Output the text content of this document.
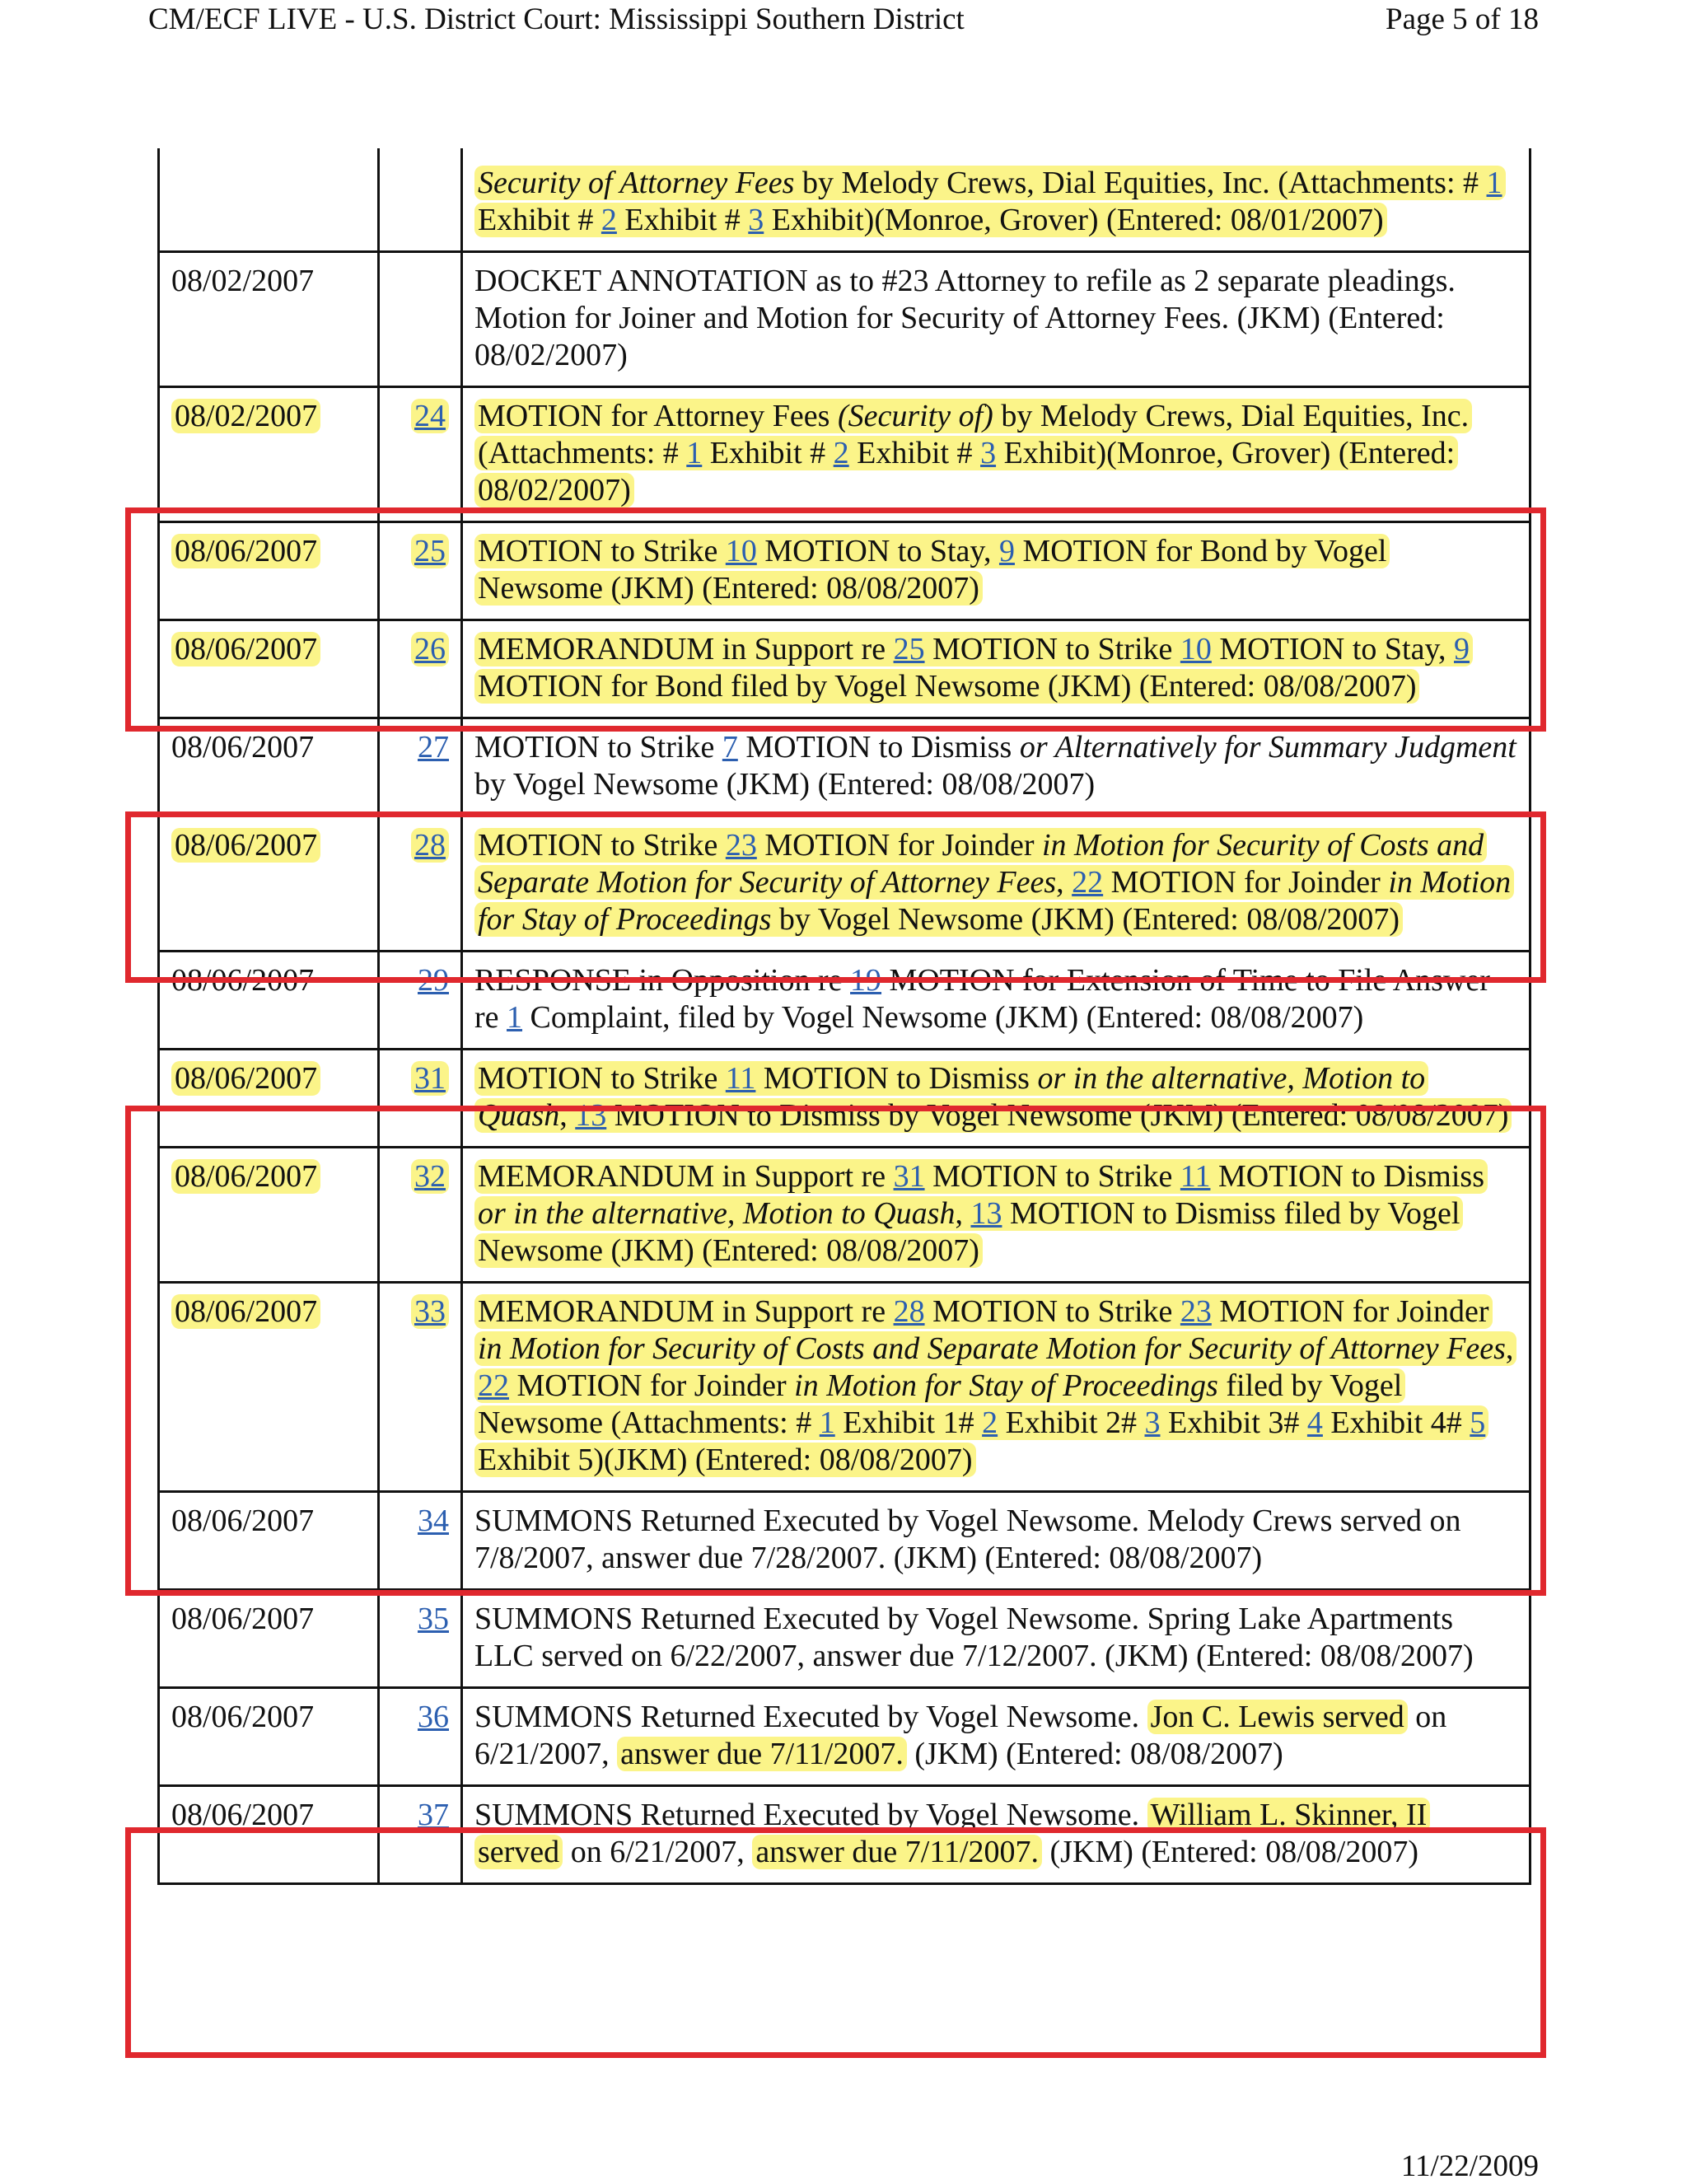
CM/ECF LIVE - U.S. District Court: Mississippi Southern District	Page 5 of 18
		Security of Attorney Fees by Melody Crews, Dial Equities, Inc. (Attachments: # 1 Exhibit # 2 Exhibit # 3 Exhibit)(Monroe, Grover) (Entered: 08/01/2007)
08/02/2007		DOCKET ANNOTATION as to #23 Attorney to refile as 2 separate pleadings. Motion for Joiner and Motion for Security of Attorney Fees. (JKM) (Entered: 08/02/2007)
08/02/2007	24	MOTION for Attorney Fees (Security of) by Melody Crews, Dial Equities, Inc. (Attachments: # 1 Exhibit # 2 Exhibit # 3 Exhibit)(Monroe, Grover) (Entered: 08/02/2007)
08/06/2007	25	MOTION to Strike 10 MOTION to Stay, 9 MOTION for Bond by Vogel Newsome (JKM) (Entered: 08/08/2007)
08/06/2007	26	MEMORANDUM in Support re 25 MOTION to Strike 10 MOTION to Stay, 9 MOTION for Bond filed by Vogel Newsome (JKM) (Entered: 08/08/2007)
08/06/2007	27	MOTION to Strike 7 MOTION to Dismiss or Alternatively for Summary Judgment by Vogel Newsome (JKM) (Entered: 08/08/2007)
08/06/2007	28	MOTION to Strike 23 MOTION for Joinder in Motion for Security of Costs and Separate Motion for Security of Attorney Fees, 22 MOTION for Joinder in Motion for Stay of Proceedings by Vogel Newsome (JKM) (Entered: 08/08/2007)
08/06/2007	29	RESPONSE in Opposition re 19 MOTION for Extension of Time to File Answer re 1 Complaint, filed by Vogel Newsome (JKM) (Entered: 08/08/2007)
08/06/2007	31	MOTION to Strike 11 MOTION to Dismiss or in the alternative, Motion to Quash, 13 MOTION to Dismiss by Vogel Newsome (JKM) (Entered: 08/08/2007)
08/06/2007	32	MEMORANDUM in Support re 31 MOTION to Strike 11 MOTION to Dismiss or in the alternative, Motion to Quash, 13 MOTION to Dismiss filed by Vogel Newsome (JKM) (Entered: 08/08/2007)
08/06/2007	33	MEMORANDUM in Support re 28 MOTION to Strike 23 MOTION for Joinder in Motion for Security of Costs and Separate Motion for Security of Attorney Fees, 22 MOTION for Joinder in Motion for Stay of Proceedings filed by Vogel Newsome (Attachments: # 1 Exhibit 1# 2 Exhibit 2# 3 Exhibit 3# 4 Exhibit 4# 5 Exhibit 5)(JKM) (Entered: 08/08/2007)
08/06/2007	34	SUMMONS Returned Executed by Vogel Newsome. Melody Crews served on 7/8/2007, answer due 7/28/2007. (JKM) (Entered: 08/08/2007)
08/06/2007	35	SUMMONS Returned Executed by Vogel Newsome. Spring Lake Apartments LLC served on 6/22/2007, answer due 7/12/2007. (JKM) (Entered: 08/08/2007)
08/06/2007	36	SUMMONS Returned Executed by Vogel Newsome. Jon C. Lewis served on 6/21/2007, answer due 7/11/2007. (JKM) (Entered: 08/08/2007)
08/06/2007	37	SUMMONS Returned Executed by Vogel Newsome. William L. Skinner, II served on 6/21/2007, answer due 7/11/2007. (JKM) (Entered: 08/08/2007)
11/22/2009
